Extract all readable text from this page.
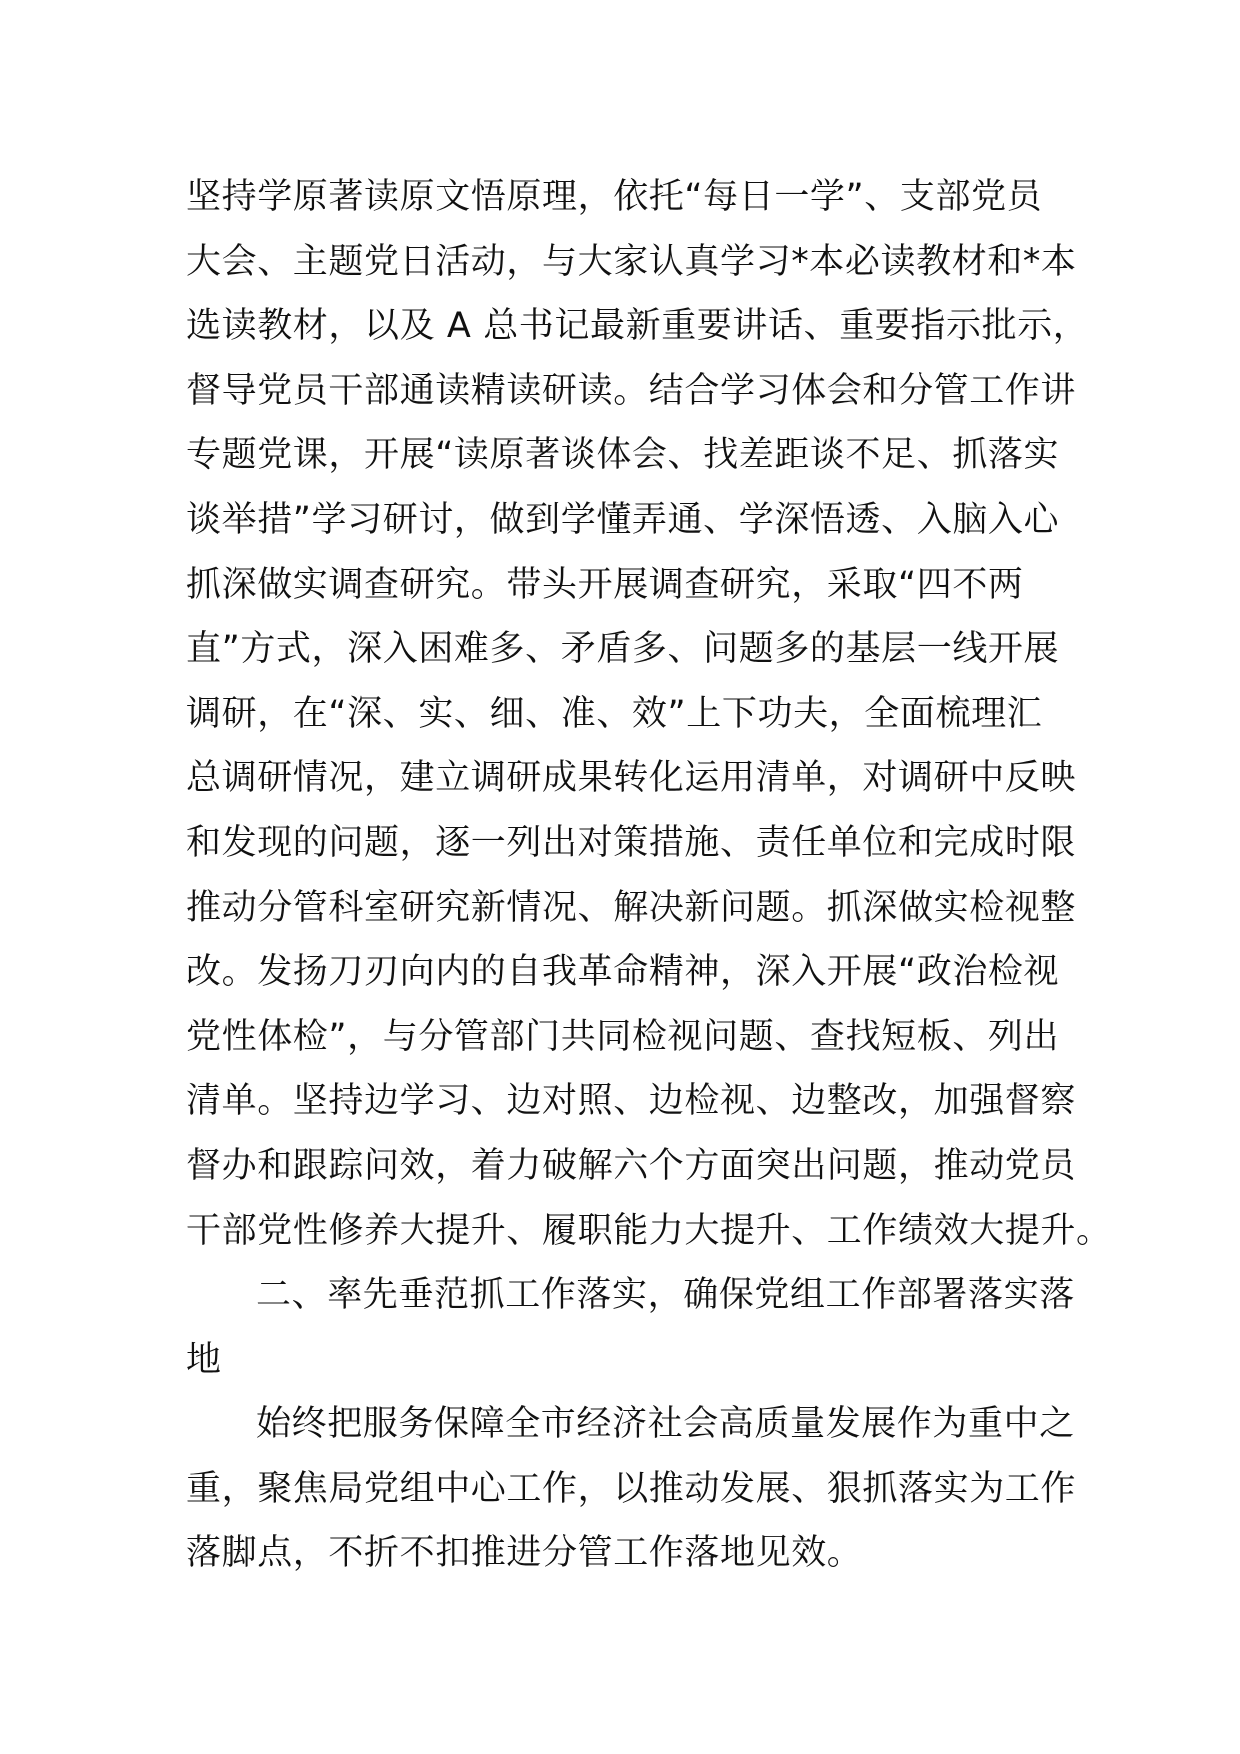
坚持学原著读原文悟原理，依托“每日一学”、支部党员
大会、主题党日活动，与大家认真学习*本必读教材和*本
选读教材，以及 A 总书记最新重要讲话、重要指示批示，
督导党员干部通读精读研读。结合学习体会和分管工作讲
专题党课，开展“读原著谈体会、找差距谈不足、抓落实
谈举措”学习研讨，做到学懂弄通、学深悟透、入脑入心
抓深做实调查研究。带头开展调查研究，采取“四不两
直”方式，深入困难多、矛盾多、问题多的基层一线开展
调研，在“深、实、细、准、效”上下功夫，全面梳理汇
总调研情况，建立调研成果转化运用清单，对调研中反映
和发现的问题，逐一列出对策措施、责任单位和完成时限
推动分管科室研究新情况、解决新问题。抓深做实检视整
改。发扬刀刃向内的自我革命精神，深入开展“政治检视
党性体检”，与分管部门共同检视问题、查找短板、列出
清单。坚持边学习、边对照、边检视、边整改，加强督察
督办和跟踪问效，着力破解六个方面突出问题，推动党员
干部党性修养大提升、履职能力大提升、工作绩效大提升。
二、率先垂范抓工作落实，确保党组工作部署落实落
地
始终把服务保障全市经济社会高质量发展作为重中之
重，聚焦局党组中心工作，以推动发展、狠抓落实为工作
落脚点，不折不扣推进分管工作落地见效。
